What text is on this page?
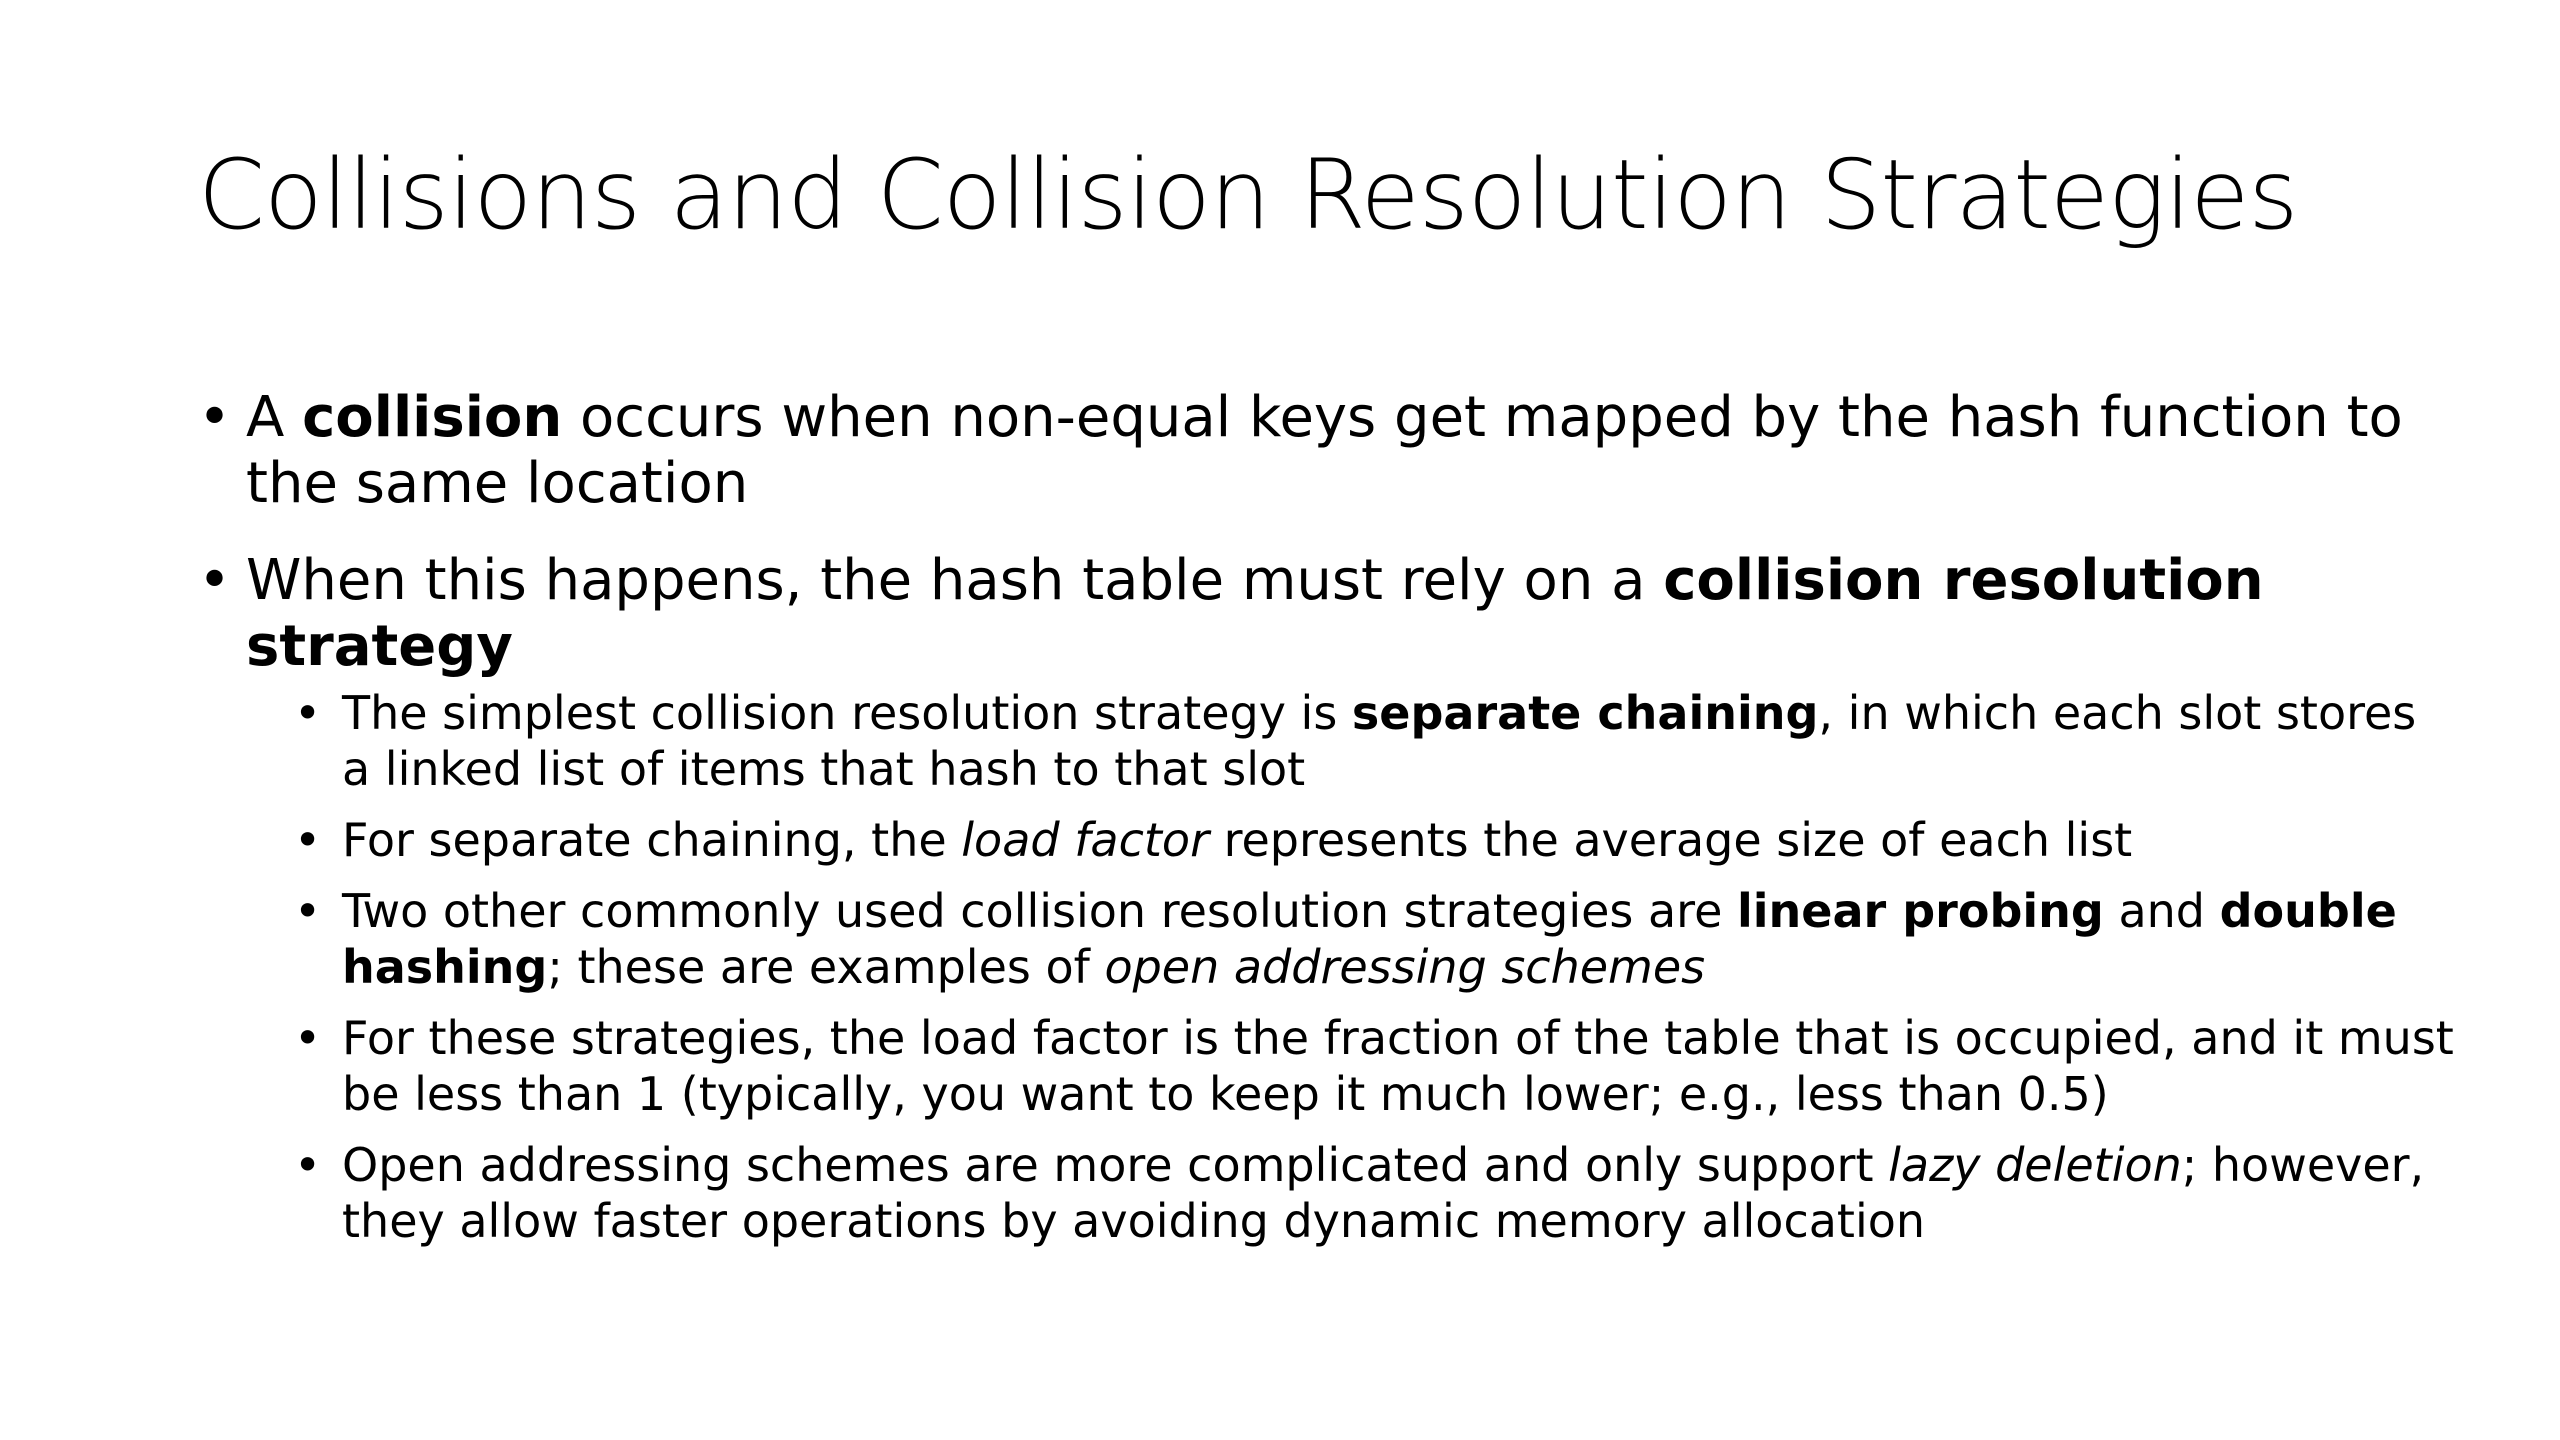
Collisions and Collision Resolution Strategies
• A collision occurs when non-equal keys get mapped by the hash function to the same location
• When this happens, the hash table must rely on a collision resolution strategy
• The simplest collision resolution strategy is separate chaining, in which each slot stores a linked list of items that hash to that slot
• For separate chaining, the load factor represents the average size of each list
• Two other commonly used collision resolution strategies are linear probing and double hashing; these are examples of open addressing schemes
• For these strategies, the load factor is the fraction of the table that is occupied, and it must be less than 1 (typically, you want to keep it much lower; e.g., less than 0.5)
• Open addressing schemes are more complicated and only support lazy deletion; however, they allow faster operations by avoiding dynamic memory allocation
